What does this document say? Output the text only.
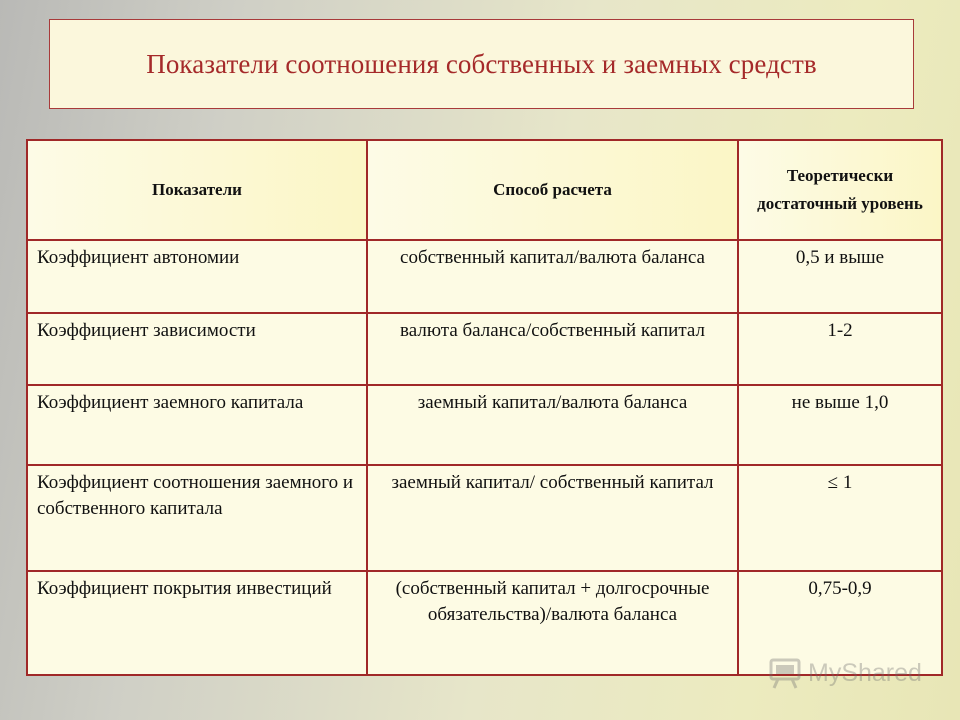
Показатели соотношения собственных и заемных средств
Показатели	Способ расчета	Теоретически достаточный уровень
Коэффициент автономии	собственный капитал/валюта баланса	0,5 и выше
Коэффициент зависимости	валюта баланса/собственный капитал	1-2
Коэффициент заемного капитала	заемный капитал/валюта баланса	не выше 1,0
Коэффициент соотношения заемного и собственного капитала	заемный капитал/ собственный капитал	≤ 1
Коэффициент покрытия инвестиций	(собственный капитал + долгосрочные обязательства)/валюта баланса	0,75-0,9
MyShared
